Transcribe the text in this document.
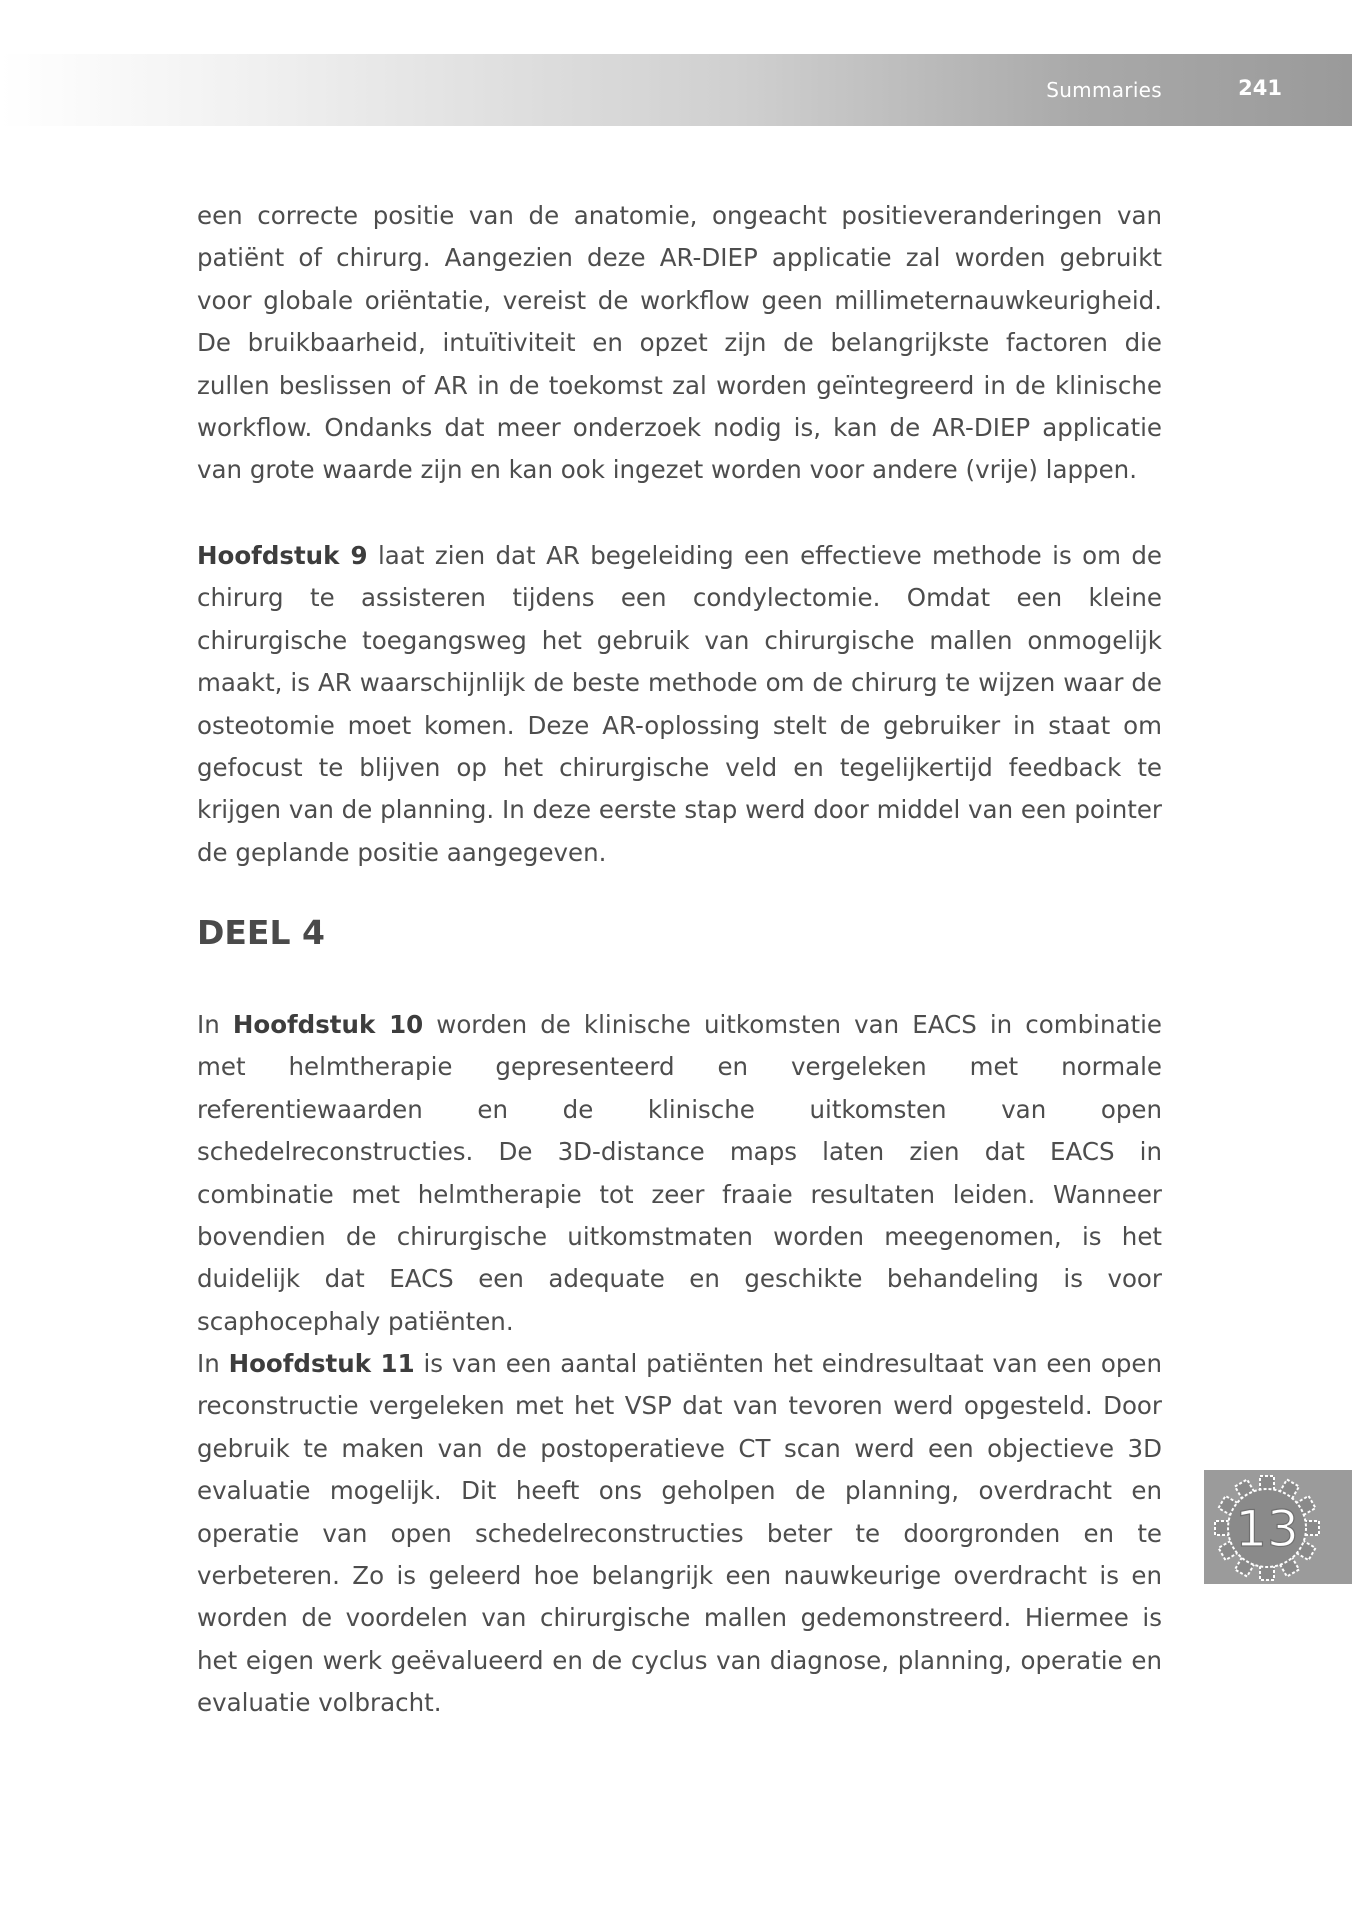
Summaries	241

een correcte positie van de anatomie, ongeacht positieveranderingen van patiënt of chirurg. Aangezien deze AR-DIEP applicatie zal worden gebruikt voor globale oriëntatie, vereist de workflow geen millimeternauwkeurigheid. De bruikbaarheid, intuïtiviteit en opzet zijn de belangrijkste factoren die zullen beslissen of AR in de toekomst zal worden geïntegreerd in de klinische workflow. Ondanks dat meer onderzoek nodig is, kan de AR-DIEP applicatie van grote waarde zijn en kan ook ingezet worden voor andere (vrije) lappen.

Hoofdstuk 9 laat zien dat AR begeleiding een effectieve methode is om de chirurg te assisteren tijdens een condylectomie. Omdat een kleine chirurgische toegangsweg het gebruik van chirurgische mallen onmogelijk maakt, is AR waarschijnlijk de beste methode om de chirurg te wijzen waar de osteotomie moet komen. Deze AR-oplossing stelt de gebruiker in staat om gefocust te blijven op het chirurgische veld en tegelijkertijd feedback te krijgen van de planning. In deze eerste stap werd door middel van een pointer de geplande positie aangegeven.

DEEL 4

In Hoofdstuk 10 worden de klinische uitkomsten van EACS in combinatie met helmtherapie gepresenteerd en vergeleken met normale referentiewaarden en de klinische uitkomsten van open schedelreconstructies. De 3D-distance maps laten zien dat EACS in combinatie met helmtherapie tot zeer fraaie resultaten leiden. Wanneer bovendien de chirurgische uitkomstmaten worden meegenomen, is het duidelijk dat EACS een adequate en geschikte behandeling is voor scaphocephaly patiënten.

In Hoofdstuk 11 is van een aantal patiënten het eindresultaat van een open reconstructie vergeleken met het VSP dat van tevoren werd opgesteld. Door gebruik te maken van de postoperatieve CT scan werd een objectieve 3D evaluatie mogelijk. Dit heeft ons geholpen de planning, overdracht en operatie van open schedelreconstructies beter te doorgronden en te verbeteren. Zo is geleerd hoe belangrijk een nauwkeurige overdracht is en worden de voordelen van chirurgische mallen gedemonstreerd. Hiermee is het eigen werk geëvalueerd en de cyclus van diagnose, planning, operatie en evaluatie volbracht.

13
